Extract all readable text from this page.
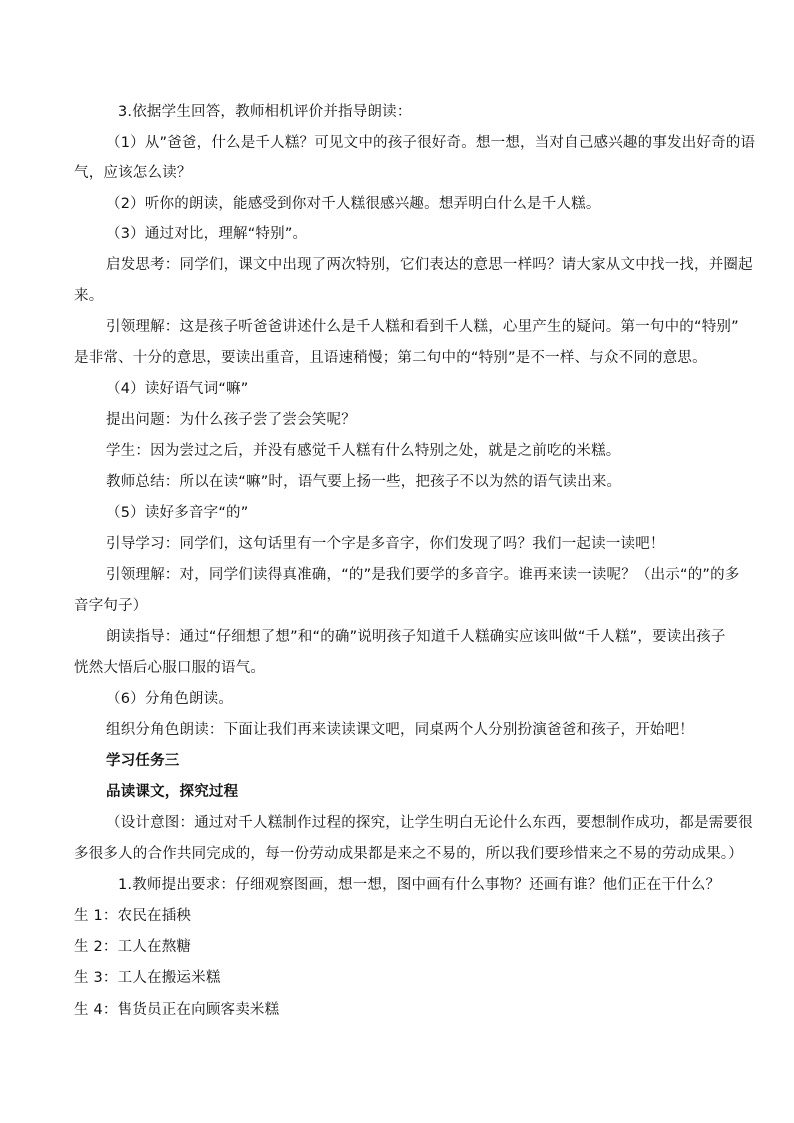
3.依据学生回答，教师相机评价并指导朗读：
（1）从”爸爸，什么是千人糕？可见文中的孩子很好奇。想一想，当对自己感兴趣的事发出好奇的语
气，应该怎么读？
（2）听你的朗读，能感受到你对千人糕很感兴趣。想弄明白什么是千人糕。
（3）通过对比，理解“特别”。
启发思考：同学们，课文中出现了两次特别，它们表达的意思一样吗？请大家从文中找一找，并圈起
来。
引领理解：这是孩子听爸爸讲述什么是千人糕和看到千人糕，心里产生的疑问。第一句中的“特别”
是非常、十分的意思，要读出重音，且语速稍慢；第二句中的“特别”是不一样、与众不同的意思。
（4）读好语气词“嘛”
提出问题：为什么孩子尝了尝会笑呢？
学生：因为尝过之后，并没有感觉千人糕有什么特别之处，就是之前吃的米糕。
教师总结：所以在读“嘛”时，语气要上扬一些，把孩子不以为然的语气读出来。
（5）读好多音字“的”
引导学习：同学们，这句话里有一个字是多音字，你们发现了吗？我们一起读一读吧！
引领理解：对，同学们读得真准确，“的”是我们要学的多音字。谁再来读一读呢？（出示“的”的多
音字句子）
朗读指导：通过“仔细想了想”和“的确”说明孩子知道千人糕确实应该叫做“千人糕”，要读出孩子
恍然大悟后心服口服的语气。
（6）分角色朗读。
组织分角色朗读：下面让我们再来读读课文吧，同桌两个人分别扮演爸爸和孩子，开始吧！
学习任务三
品读课文，探究过程
（设计意图：通过对千人糕制作过程的探究，让学生明白无论什么东西，要想制作成功，都是需要很
多很多人的合作共同完成的，每一份劳动成果都是来之不易的，所以我们要珍惜来之不易的劳动成果。）
1.教师提出要求：仔细观察图画，想一想，图中画有什么事物？还画有谁？他们正在干什么？
生 1：农民在插秧
生 2：工人在熬糖
生 3：工人在搬运米糕
生 4：售货员正在向顾客卖米糕
